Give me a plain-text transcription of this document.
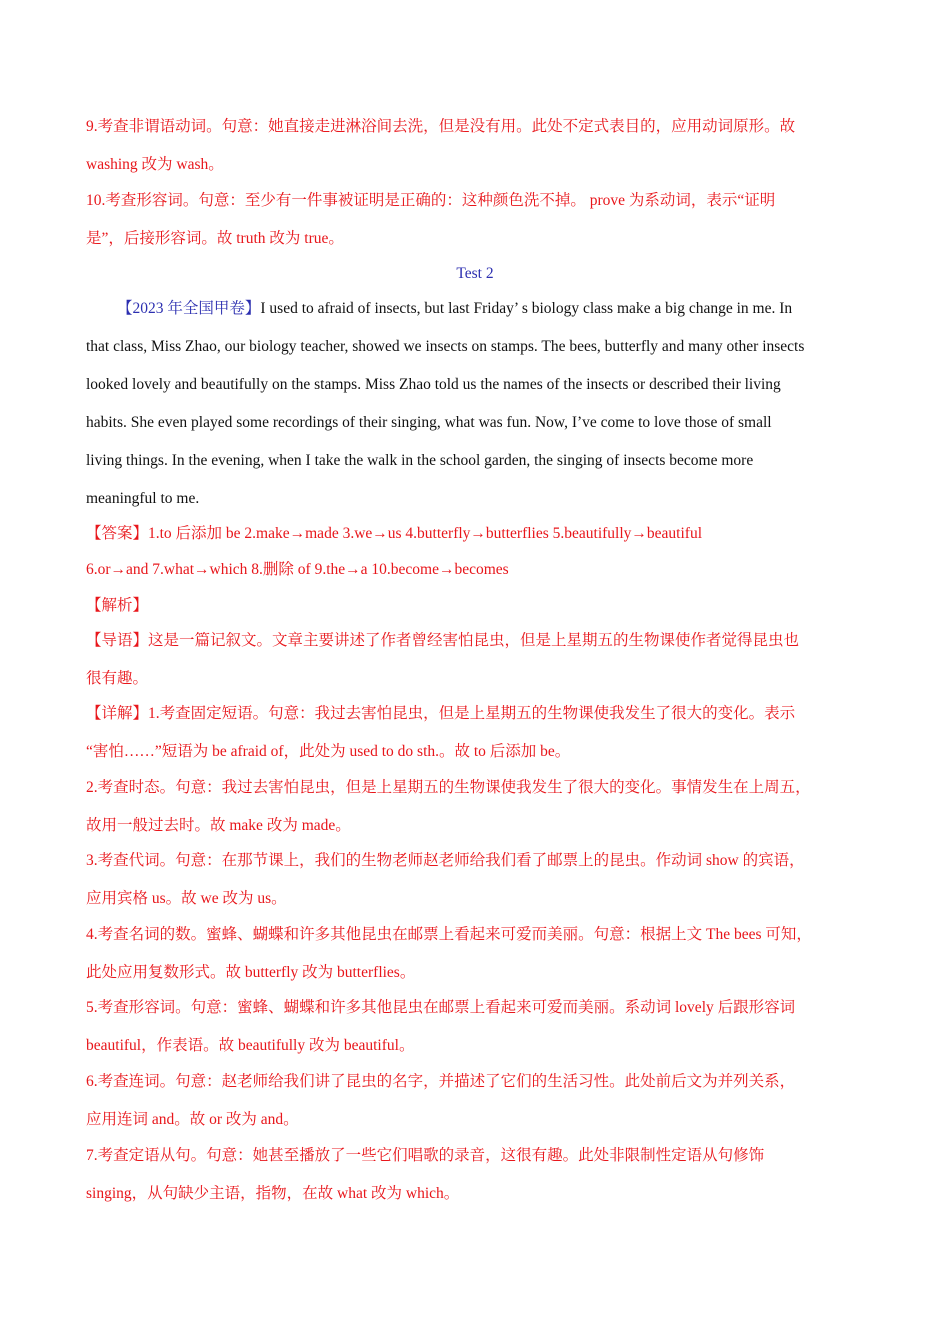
9.考查非谓语动词。句意：她直接走进淋浴间去洗，但是没有用。此处不定式表目的，应用动词原形。故
washing 改为 wash。
10.考查形容词。句意：至少有一件事被证明是正确的：这种颜色洗不掉。 prove 为系动词，表示“证明
是”，后接形容词。故 truth 改为 true。
Test 2
【2023 年全国甲卷】I used to afraid of insects, but last Friday’ s biology class make a big change in me. In
that class, Miss Zhao, our biology teacher, showed we insects on stamps. The bees, butterfly and many other insects
looked lovely and beautifully on the stamps. Miss Zhao told us the names of the insects or described their living
habits. She even played some recordings of their singing, what was fun. Now, I’ve come to love those of small
living things. In the evening, when I take the walk in the school garden, the singing of insects become more
meaningful to me.
【答案】1.to 后添加 be 2.make→made 3.we→us 4.butterfly→butterflies 5.beautifully→beautiful
6.or→and 7.what→which 8.删除 of 9.the→a 10.become→becomes
【解析】
【导语】这是一篇记叙文。文章主要讲述了作者曾经害怕昆虫，但是上星期五的生物课使作者觉得昆虫也
很有趣。
【详解】1.考查固定短语。句意：我过去害怕昆虫，但是上星期五的生物课使我发生了很大的变化。表示
“害怕……”短语为 be afraid of，此处为 used to do sth.。故 to 后添加 be。
2.考查时态。句意：我过去害怕昆虫，但是上星期五的生物课使我发生了很大的变化。事情发生在上周五，
故用一般过去时。故 make 改为 made。
3.考查代词。句意：在那节课上，我们的生物老师赵老师给我们看了邮票上的昆虫。作动词 show 的宾语，
应用宾格 us。故 we 改为 us。
4.考查名词的数。蜜蜂、蝴蝶和许多其他昆虫在邮票上看起来可爱而美丽。句意：根据上文 The bees 可知，
此处应用复数形式。故 butterfly 改为 butterflies。
5.考查形容词。句意：蜜蜂、蝴蝶和许多其他昆虫在邮票上看起来可爱而美丽。系动词 lovely 后跟形容词
beautiful，作表语。故 beautifully 改为 beautiful。
6.考查连词。句意：赵老师给我们讲了昆虫的名字，并描述了它们的生活习性。此处前后文为并列关系，
应用连词 and。故 or 改为 and。
7.考查定语从句。句意：她甚至播放了一些它们唱歌的录音，这很有趣。此处非限制性定语从句修饰
singing，从句缺少主语，指物，在故 what 改为 which。
